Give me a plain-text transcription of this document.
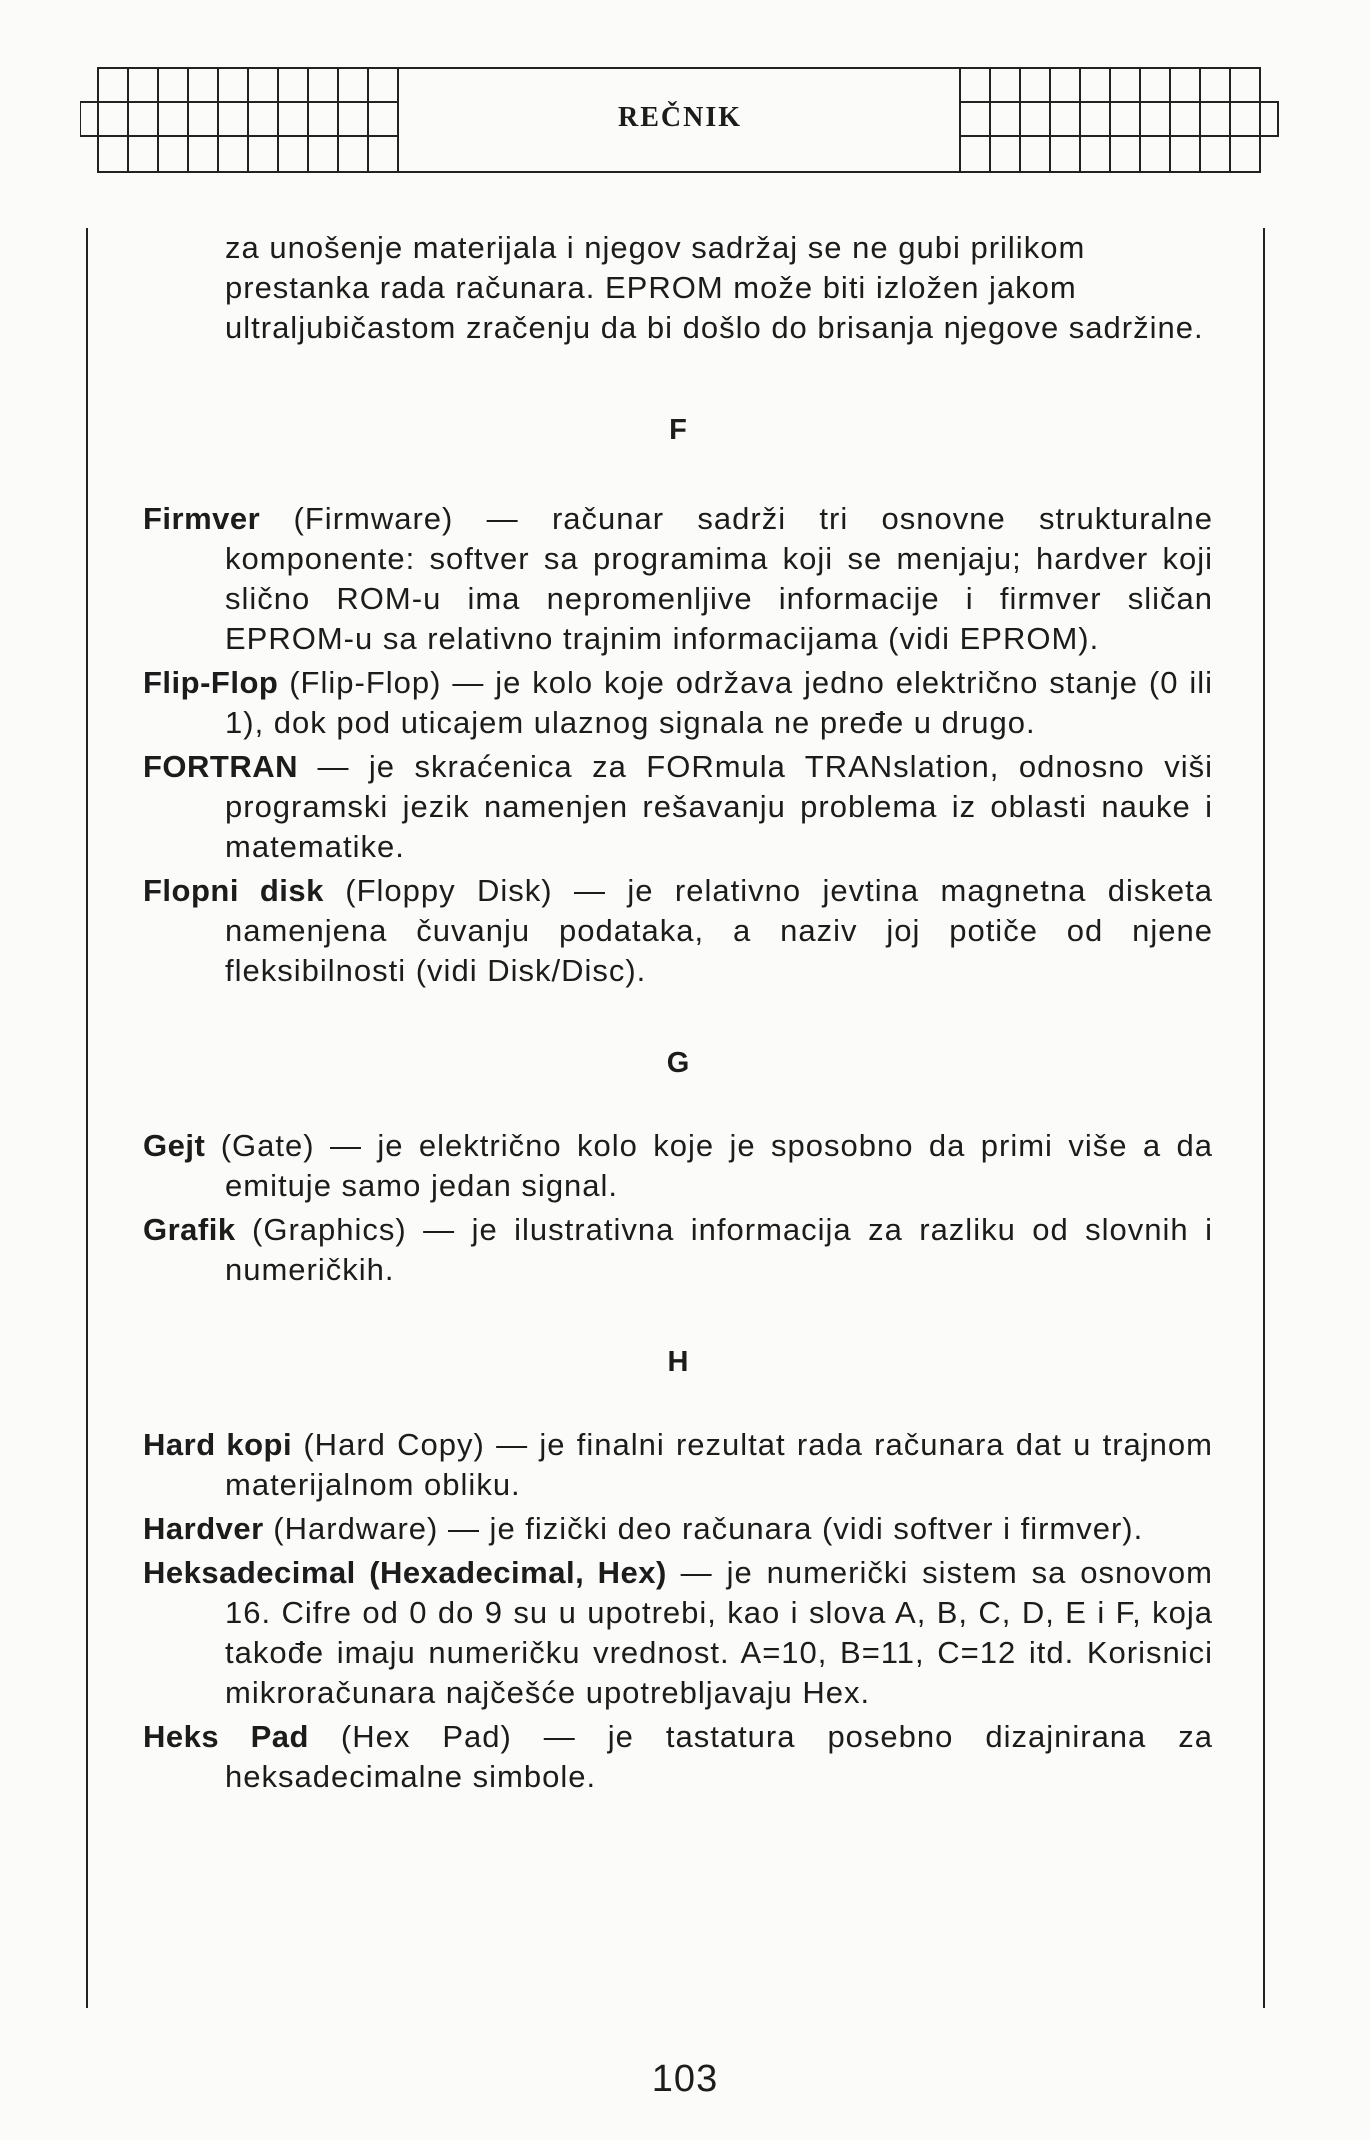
REČNIK

za unošenje materijala i njegov sadržaj se ne gubi prilikom prestanka rada računara. EPROM može biti izložen jakom ultraljubičastom zračenju da bi došlo do brisanja njegove sadržine.

F

Firmver (Firmware) — računar sadrži tri osnovne strukturalne komponente: softver sa programima koji se menjaju; hardver koji slično ROM-u ima nepromenljive informacije i firmver sličan EPROM-u sa relativno trajnim informacijama (vidi EPROM).

Flip-Flop (Flip-Flop) — je kolo koje održava jedno električno stanje (0 ili 1), dok pod uticajem ulaznog signala ne pređe u drugo.

FORTRAN — je skraćenica za FORmula TRANslation, odnosno viši programski jezik namenjen rešavanju problema iz oblasti nauke i matematike.

Flopni disk (Floppy Disk) — je relativno jevtina magnetna disketa namenjena čuvanju podataka, a naziv joj potiče od njene fleksibilnosti (vidi Disk/Disc).

G

Gejt (Gate) — je električno kolo koje je sposobno da primi više a da emituje samo jedan signal.

Grafik (Graphics) — je ilustrativna informacija za razliku od slovnih i numeričkih.

H

Hard kopi (Hard Copy) — je finalni rezultat rada računara dat u trajnom materijalnom obliku.

Hardver (Hardware) — je fizički deo računara (vidi softver i firmver).

Heksadecimal (Hexadecimal, Hex) — je numerički sistem sa osnovom 16. Cifre od 0 do 9 su u upotrebi, kao i slova A, B, C, D, E i F, koja takođe imaju numeričku vrednost. A=10, B=11, C=12 itd. Korisnici mikroračunara najčešće upotrebljavaju Hex.

Heks Pad (Hex Pad) — je tastatura posebno dizajnirana za heksadecimalne simbole.

103
